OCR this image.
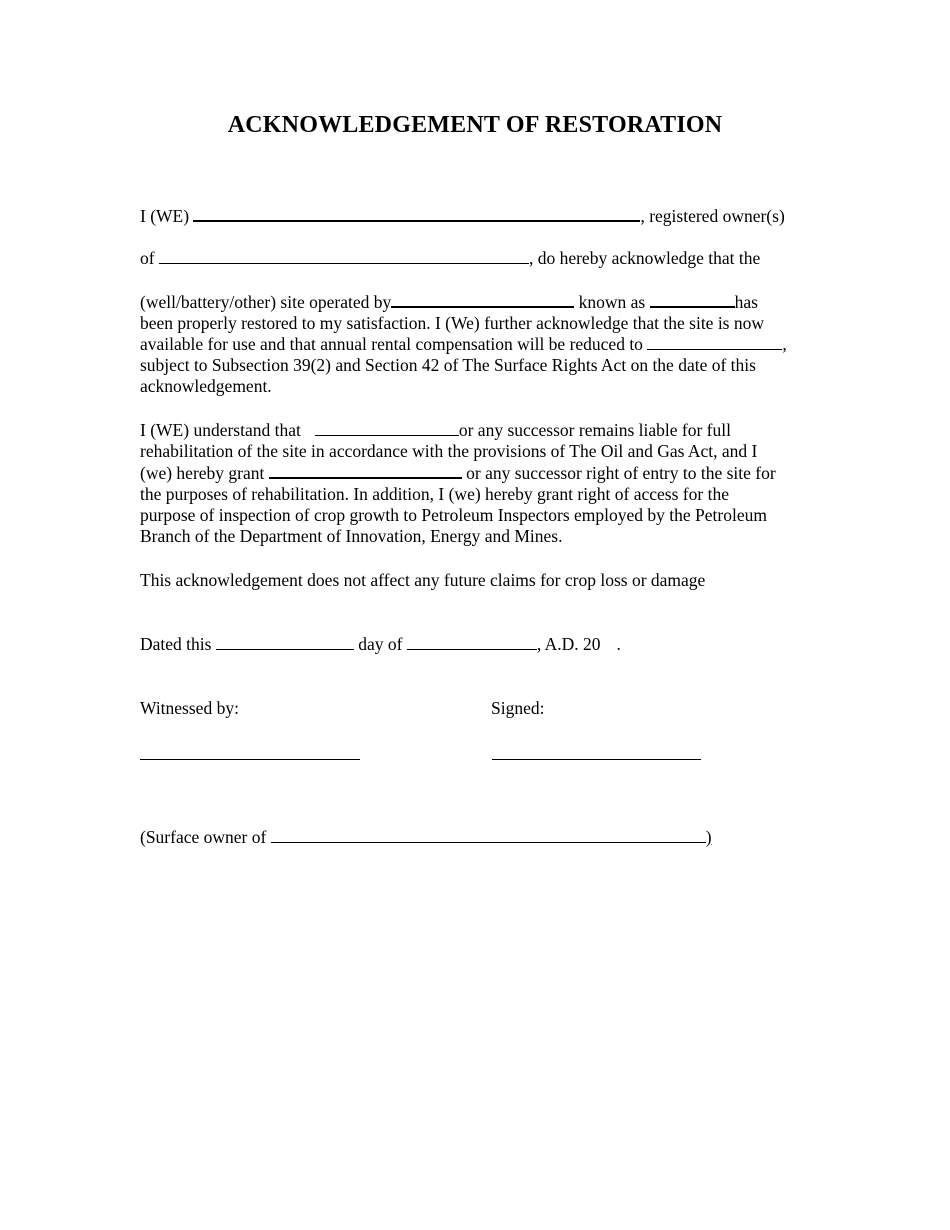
ACKNOWLEDGEMENT OF RESTORATION
I (WE)	, registered owner(s)
of	, do hereby acknowledge that the
(well/battery/other) site operated by	known as	has
been properly restored to my satisfaction. I (We) further acknowledge that the site is now
available for use and that annual rental compensation will be reduced to	,
subject to Subsection 39(2) and Section 42 of The Surface Rights Act on the date of this
acknowledgement.
I (WE) understand that	or any successor remains liable for full
rehabilitation of the site in accordance with the provisions of The Oil and Gas Act, and I
(we) hereby grant	or any successor right of entry to the site for
the purposes of rehabilitation. In addition, I (we) hereby grant right of access for the
purpose of inspection of crop growth to Petroleum Inspectors employed by the Petroleum
Branch of the Department of Innovation, Energy and Mines.
This acknowledgement does not affect any future claims for crop loss or damage
Dated this	day of	, A.D. 20 .
Witnessed by:	Signed:
(Surface owner of	)
